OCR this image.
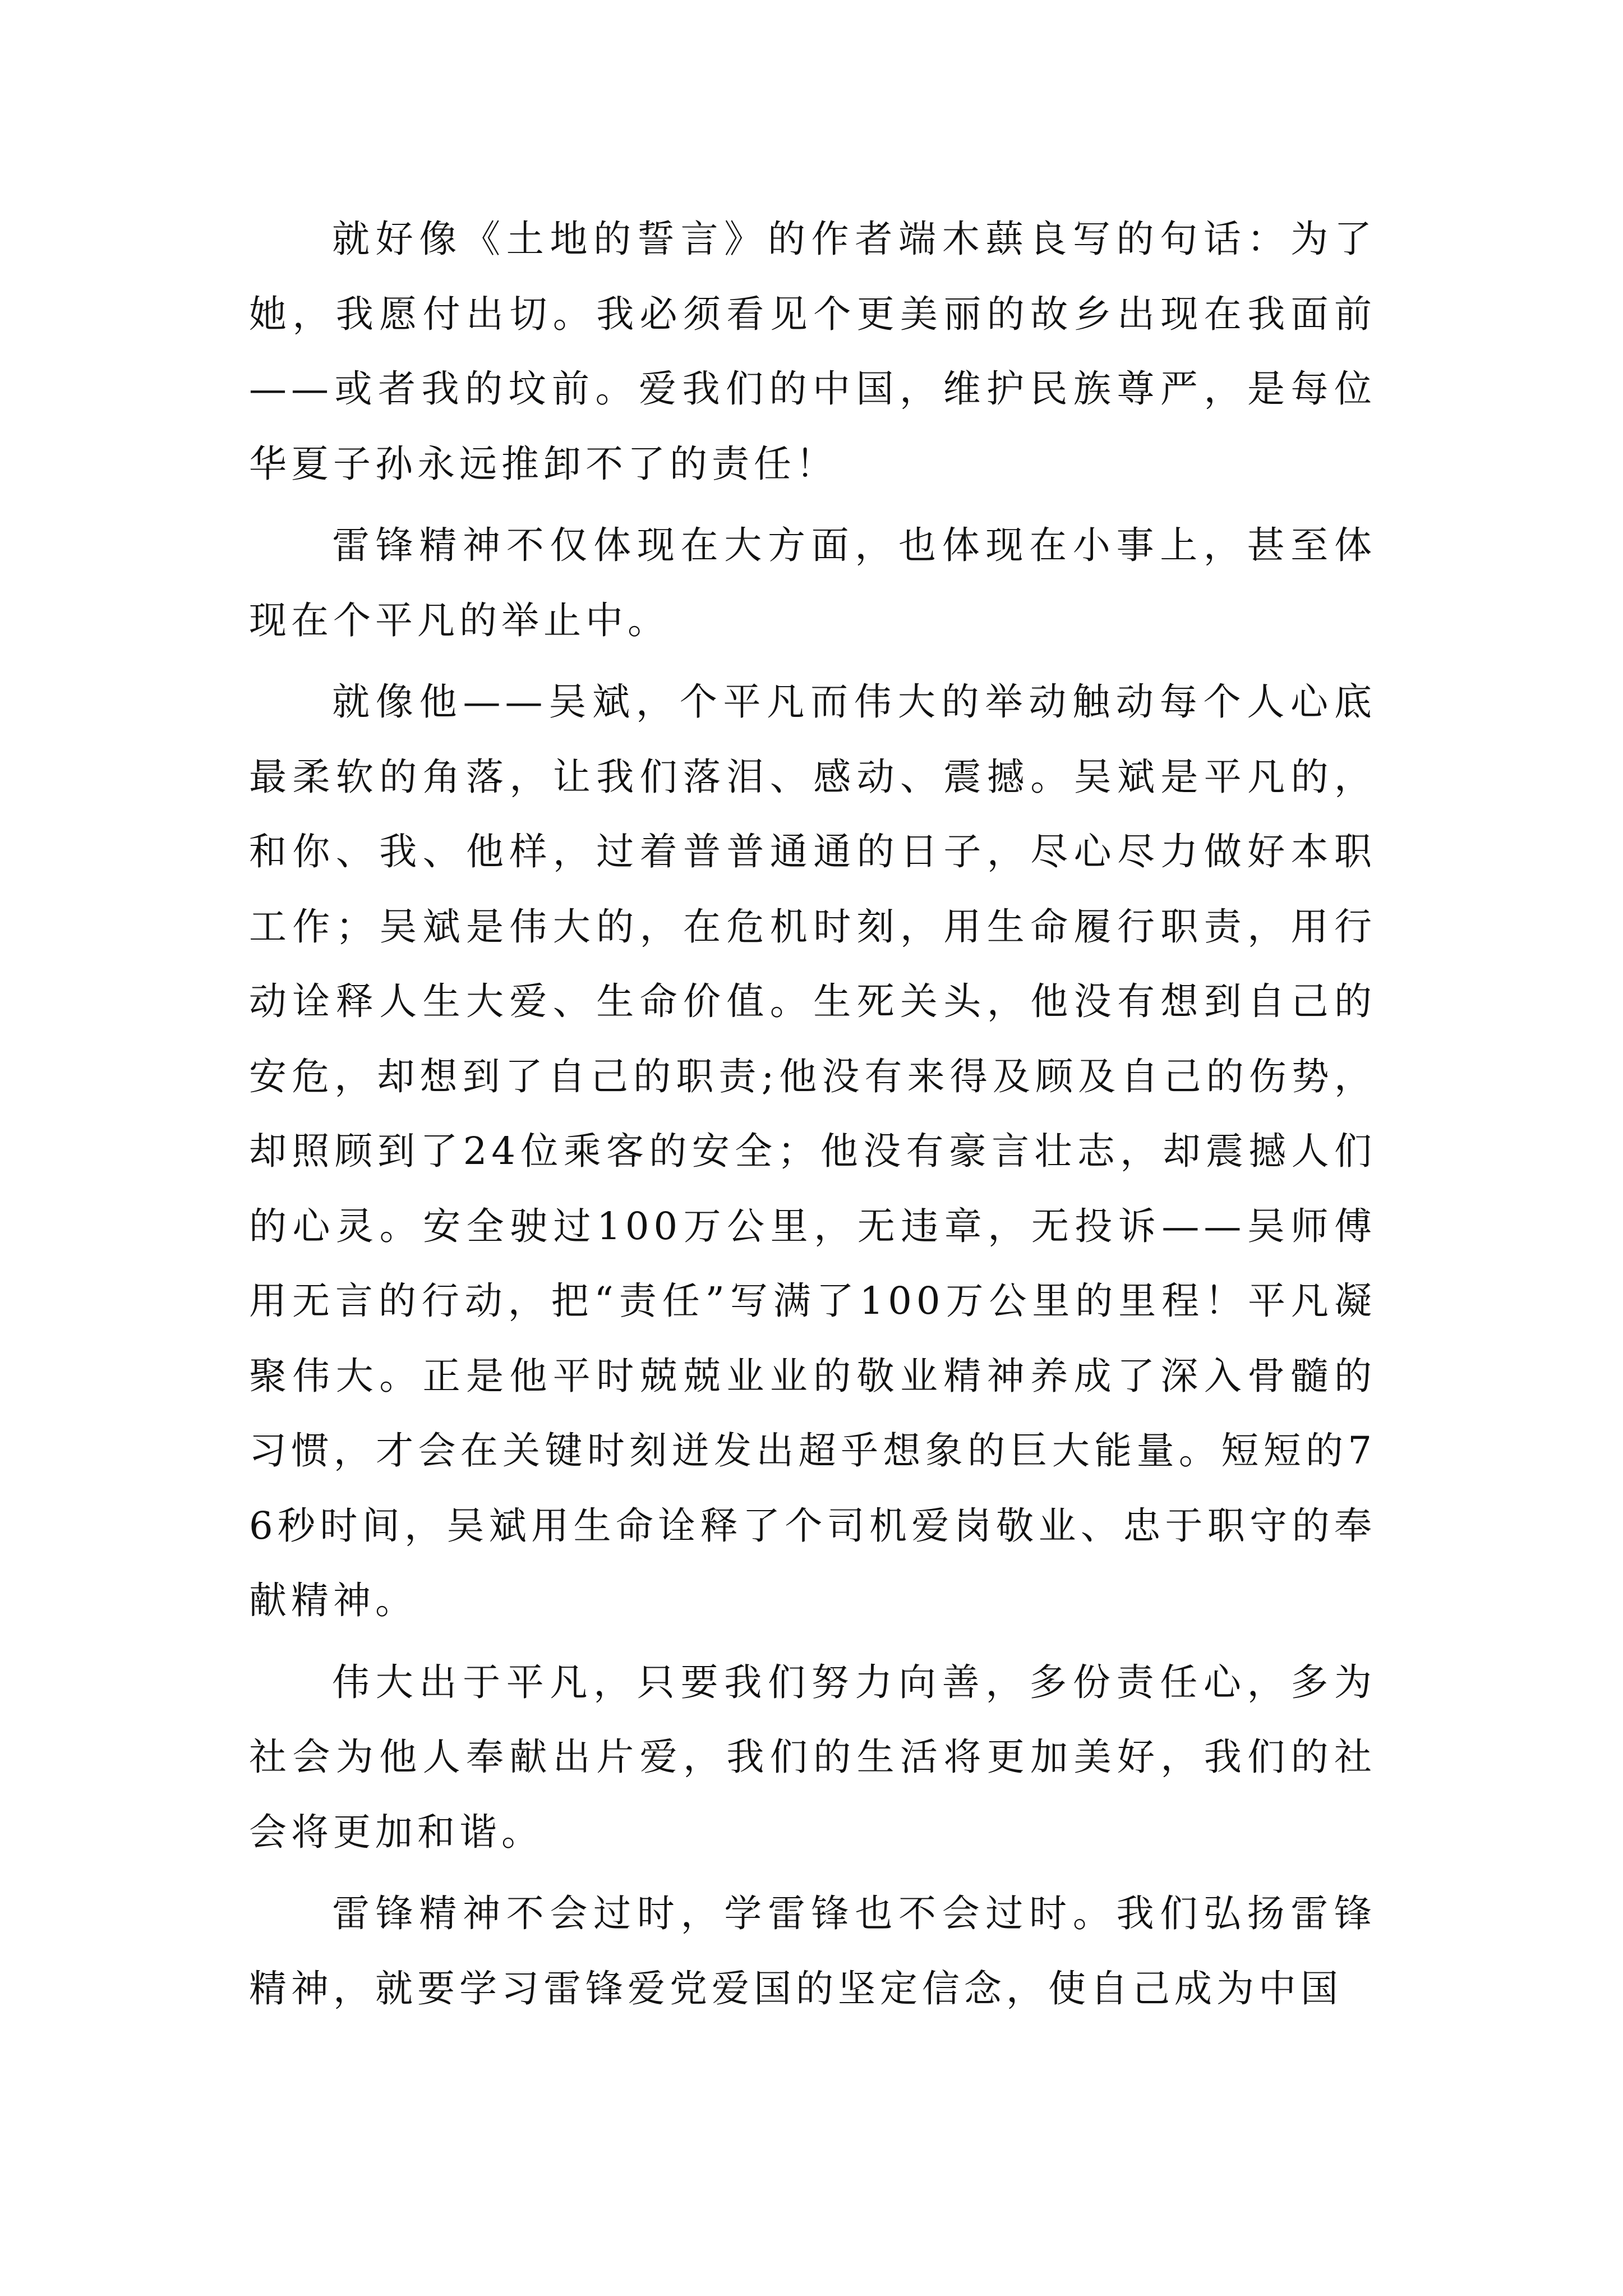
就好像《土地的誓言》的作者端木蕻良写的句话：为了她，我愿付出切。我必须看见个更美丽的故乡出现在我面前——或者我的坟前。爱我们的中国，维护民族尊严，是每位华夏子孙永远推卸不了的责任！

雷锋精神不仅体现在大方面，也体现在小事上，甚至体现在个平凡的举止中。

就像他——吴斌，个平凡而伟大的举动触动每个人心底最柔软的角落，让我们落泪、感动、震撼。吴斌是平凡的，和你、我、他样，过着普普通通的日子，尽心尽力做好本职工作；吴斌是伟大的，在危机时刻，用生命履行职责，用行动诠释人生大爱、生命价值。生死关头，他没有想到自己的安危，却想到了自己的职责;他没有来得及顾及自己的伤势，却照顾到了24位乘客的安全；他没有豪言壮志，却震撼人们的心灵。安全驶过100万公里，无违章，无投诉——吴师傅用无言的行动，把“责任”写满了100万公里的里程！平凡凝聚伟大。正是他平时兢兢业业的敬业精神养成了深入骨髓的习惯，才会在关键时刻迸发出超乎想象的巨大能量。短短的76秒时间，吴斌用生命诠释了个司机爱岗敬业、忠于职守的奉献精神。

伟大出于平凡，只要我们努力向善，多份责任心，多为社会为他人奉献出片爱，我们的生活将更加美好，我们的社会将更加和谐。

雷锋精神不会过时，学雷锋也不会过时。我们弘扬雷锋精神，就要学习雷锋爱党爱国的坚定信念，使自己成为中国
